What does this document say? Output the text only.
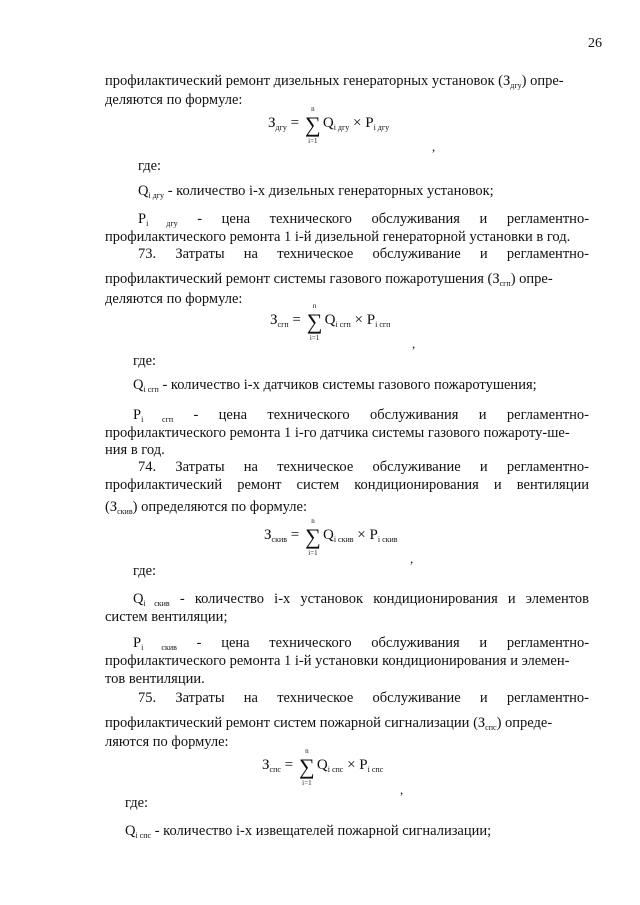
26
профилактический ремонт дизельных генераторных установок $(З_{дгу})$ опре-
деляются по формуле:
$З_{дгу}$ = ∑
n
i=1
$Q_{i дгу} \times P_{i дгу}$
,
где:
$Q_{i дгу}$ - количество i-х дизельных генераторных установок;
$P_{i дгу}$ - цена технического обслуживания и регламентно-
профилактического ремонта 1 i-й дизельной генераторной установки в год.
73. Затраты на техническое обслуживание и регламентно-
профилактический ремонт системы газового пожаротушения $(З_{сгп})$ опре-
деляются по формуле:
$З_{сгп}$ = ∑
n
i=1
$Q_{i сгп} \times P_{i сгп}$
,
где:
$Q_{i сгп}$ - количество i-х датчиков системы газового пожаротушения;
$P_{i сгп}$ - цена технического обслуживания и регламентно-
профилактического ремонта 1 i-го датчика системы газового пожароту-ше-
ния в год.
74. Затраты на техническое обслуживание и регламентно-
профилактический ремонт систем кондиционирования и вентиляции
$(З_{скив})$ определяются по формуле:
$З_{скив}$ = ∑
n
i=1
$Q_{i скив} \times P_{i скив}$
,
где:
$Q_{i скив}$ - количество i-х установок кондиционирования и элементов
систем вентиляции;
$P_{i скив}$ - цена технического обслуживания и регламентно-
профилактического ремонта 1 i-й установки кондиционирования и элемен-
тов вентиляции.
75. Затраты на техническое обслуживание и регламентно-
профилактический ремонт систем пожарной сигнализации $(З_{спс})$ опреде-
ляются по формуле:
$З_{спс}$ = ∑
n
i=1
$Q_{i спс} \times P_{i спс}$
,
где:
$Q_{i спс}$ - количество i-х извещателей пожарной сигнализации;
